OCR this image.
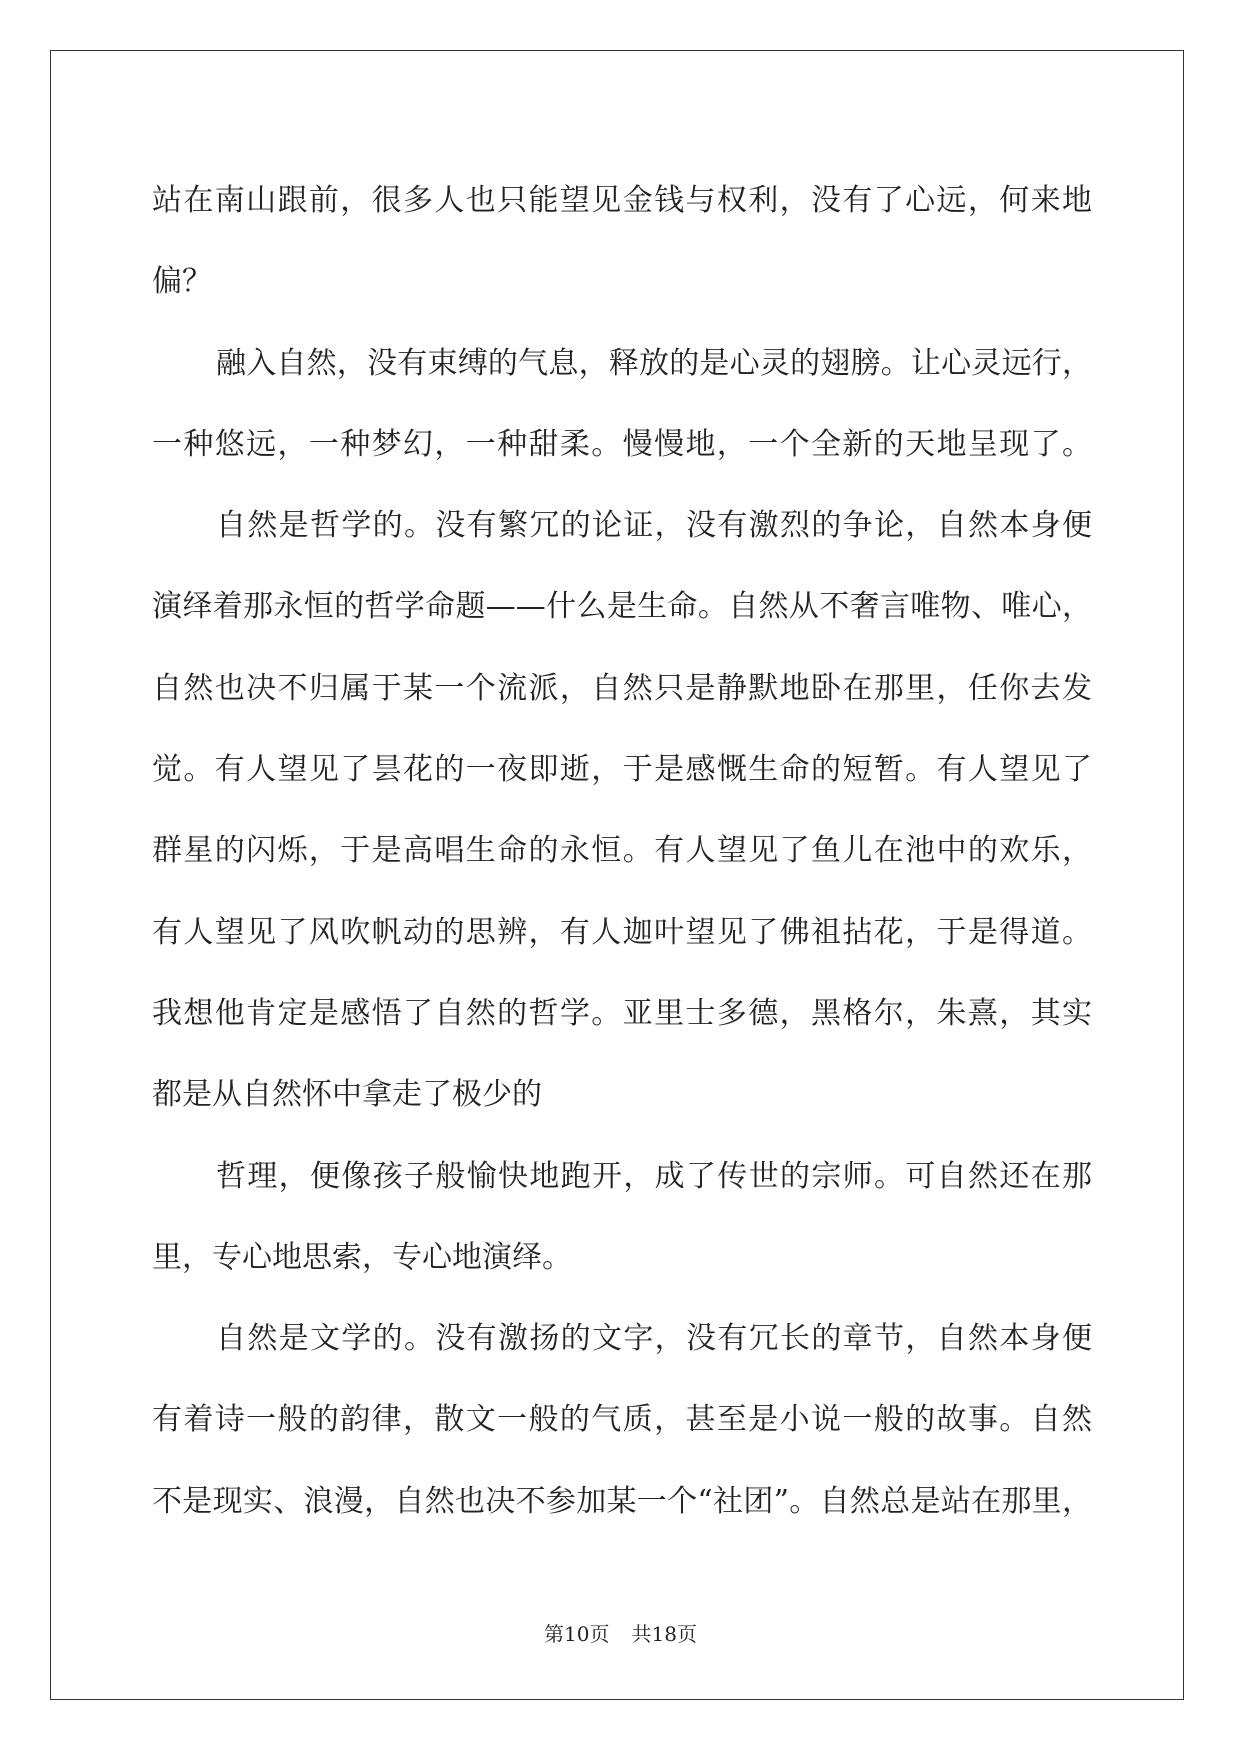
站在南山跟前，很多人也只能望见金钱与权利，没有了心远，何来地
偏？
融入自然，没有束缚的气息，释放的是心灵的翅膀。让心灵远行，
一种悠远，一种梦幻，一种甜柔。慢慢地，一个全新的天地呈现了。
自然是哲学的。没有繁冗的论证，没有激烈的争论，自然本身便
演绎着那永恒的哲学命题——什么是生命。自然从不奢言唯物、唯心，
自然也决不归属于某一个流派，自然只是静默地卧在那里，任你去发
觉。有人望见了昙花的一夜即逝，于是感慨生命的短暂。有人望见了
群星的闪烁，于是高唱生命的永恒。有人望见了鱼儿在池中的欢乐，
有人望见了风吹帆动的思辨，有人迦叶望见了佛祖拈花，于是得道。
我想他肯定是感悟了自然的哲学。亚里士多德，黑格尔，朱熹，其实
都是从自然怀中拿走了极少的
哲理，便像孩子般愉快地跑开，成了传世的宗师。可自然还在那
里，专心地思索，专心地演绎。
自然是文学的。没有激扬的文字，没有冗长的章节，自然本身便
有着诗一般的韵律，散文一般的气质，甚至是小说一般的故事。自然
不是现实、浪漫，自然也决不参加某一个“社团”。自然总是站在那里，
第10页 共18页
